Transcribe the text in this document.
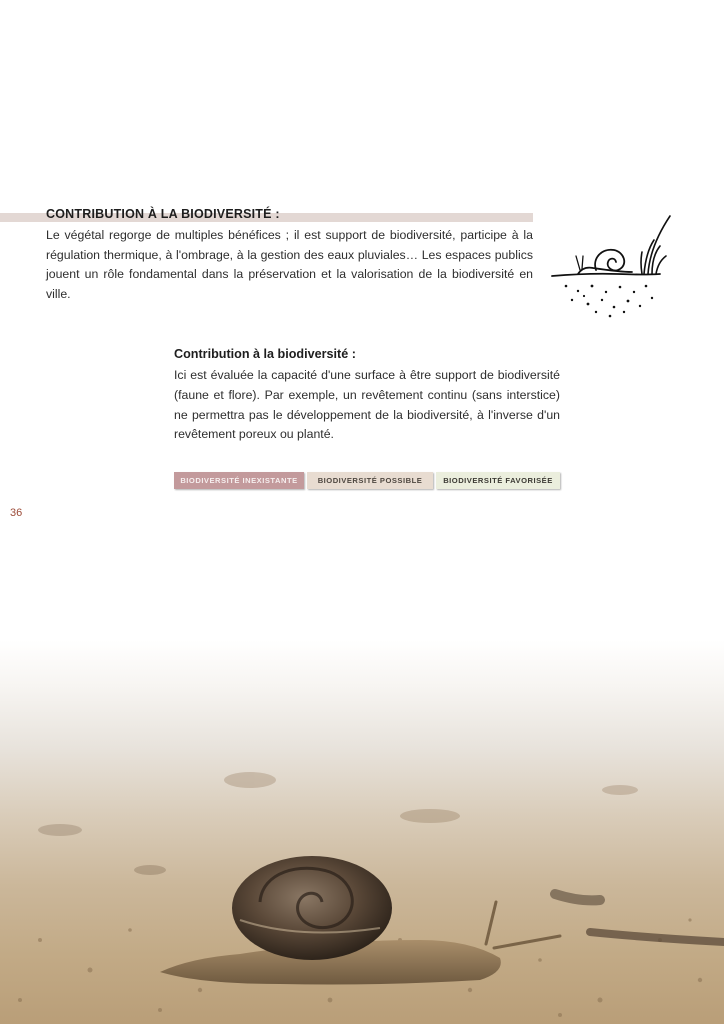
CONTRIBUTION À LA BIODIVERSITÉ :

Le végétal regorge de multiples bénéfices ; il est support de biodiversité, participe à la régulation thermique, à l'ombrage, à la gestion des eaux pluviales… Les espaces publics jouent un rôle fondamental dans la préservation et la valorisation de la biodiversité en ville.

Contribution à la biodiversité :

Ici est évaluée la capacité d'une surface à être support de biodiversité (faune et flore). Par exemple, un revêtement continu (sans interstice) ne permettra pas le développement de la biodiversité, à l'inverse d'un revêtement poreux ou planté.

BIODIVERSITÉ INEXISTANTE	BIODIVERSITÉ POSSIBLE	BIODIVERSITÉ FAVORISÉE
36
